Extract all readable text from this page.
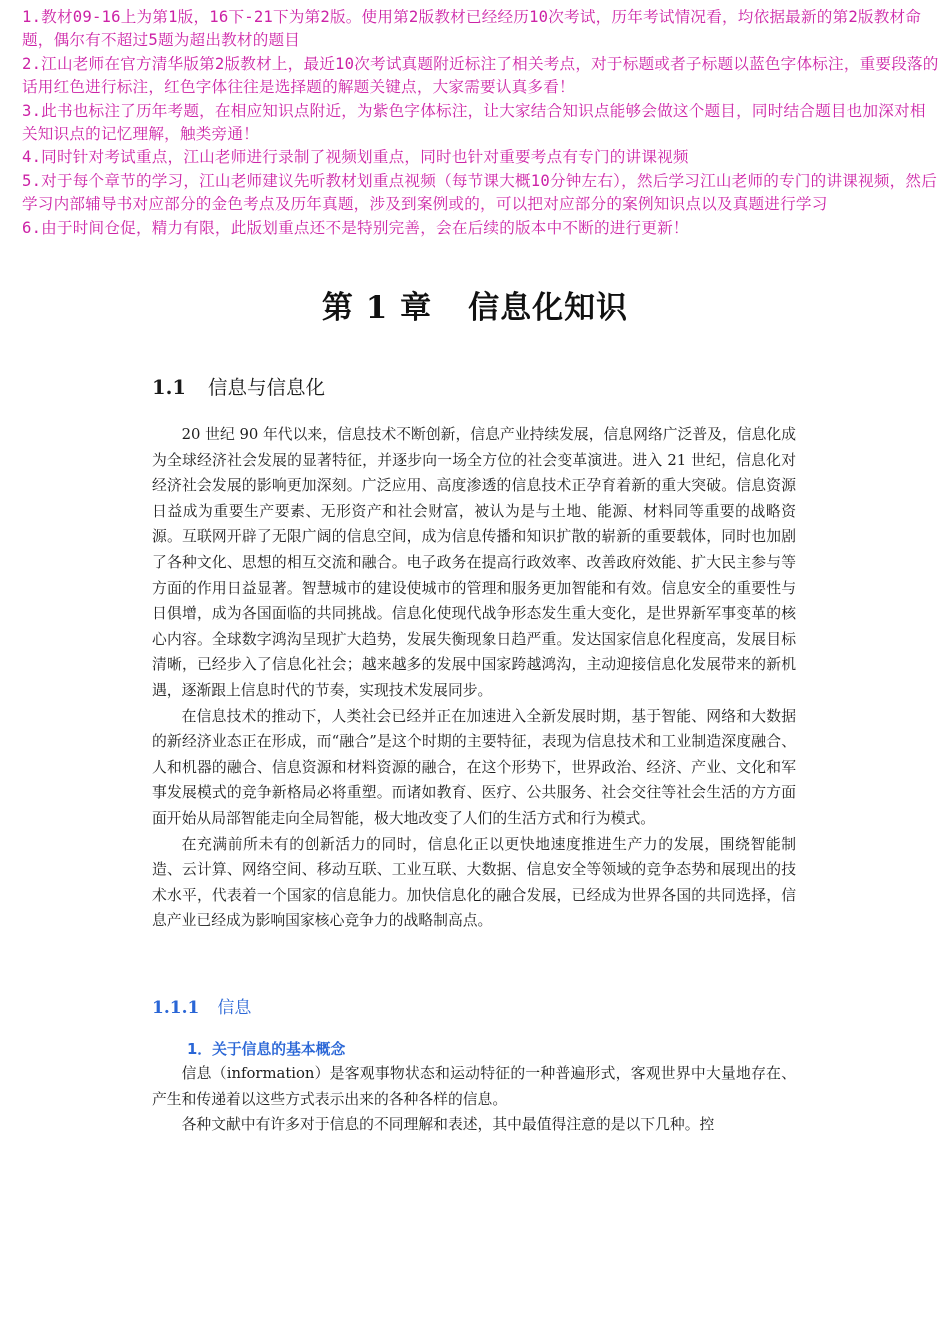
1.教材09-16上为第1版，16下-21下为第2版。使用第2版教材已经经历10次考试，历年考试情况看，均依据最新的第2版教材命题，偶尔有不超过5题为超出教材的题目

2.江山老师在官方清华版第2版教材上，最近10次考试真题附近标注了相关考点，对于标题或者子标题以蓝色字体标注，重要段落的话用红色进行标注，红色字体往往是选择题的解题关键点，大家需要认真多看！

3.此书也标注了历年考题，在相应知识点附近，为紫色字体标注，让大家结合知识点能够会做这个题目，同时结合题目也加深对相关知识点的记忆理解，触类旁通！

4.同时针对考试重点，江山老师进行录制了视频划重点，同时也针对重要考点有专门的讲课视频

5.对于每个章节的学习，江山老师建议先听教材划重点视频（每节课大概10分钟左右），然后学习江山老师的专门的讲课视频，然后学习内部辅导书对应部分的金色考点及历年真题，涉及到案例或的，可以把对应部分的案例知识点以及真题进行学习

6.由于时间仓促，精力有限，此版划重点还不是特别完善，会在后续的版本中不断的进行更新！

第 1 章 信息化知识
1.1 信息与信息化

20 世纪 90 年代以来，信息技术不断创新，信息产业持续发展，信息网络广泛普及，信息化成为全球经济社会发展的显著特征，并逐步向一场全方位的社会变革演进。进入 21 世纪，信息化对经济社会发展的影响更加深刻。广泛应用、高度渗透的信息技术正孕育着新的重大突破。信息资源日益成为重要生产要素、无形资产和社会财富，被认为是与土地、能源、材料同等重要的战略资源。互联网开辟了无限广阔的信息空间，成为信息传播和知识扩散的崭新的重要载体，同时也加剧了各种文化、思想的相互交流和融合。电子政务在提高行政效率、改善政府效能、扩大民主参与等方面的作用日益显著。智慧城市的建设使城市的管理和服务更加智能和有效。信息安全的重要性与日俱增，成为各国面临的共同挑战。信息化使现代战争形态发生重大变化，是世界新军事变革的核心内容。全球数字鸿沟呈现扩大趋势，发展失衡现象日趋严重。发达国家信息化程度高，发展目标清晰，已经步入了信息化社会；越来越多的发展中国家跨越鸿沟，主动迎接信息化发展带来的新机遇，逐渐跟上信息时代的节奏，实现技术发展同步。

在信息技术的推动下，人类社会已经并正在加速进入全新发展时期，基于智能、网络和大数据的新经济业态正在形成，而“融合”是这个时期的主要特征，表现为信息技术和工业制造深度融合、人和机器的融合、信息资源和材料资源的融合，在这个形势下，世界政治、经济、产业、文化和军事发展模式的竞争新格局必将重塑。而诸如教育、医疗、公共服务、社会交往等社会生活的方方面面开始从局部智能走向全局智能，极大地改变了人们的生活方式和行为模式。

在充满前所未有的创新活力的同时，信息化正以更快地速度推进生产力的发展，围绕智能制造、云计算、网络空间、移动互联、工业互联、大数据、信息安全等领域的竞争态势和展现出的技术水平，代表着一个国家的信息能力。加快信息化的融合发展，已经成为世界各国的共同选择，信息产业已经成为影响国家核心竞争力的战略制高点。

1.1.1 信息
1．关于信息的基本概念

信息（information）是客观事物状态和运动特征的一种普遍形式，客观世界中大量地存在、产生和传递着以这些方式表示出来的各种各样的信息。

各种文献中有许多对于信息的不同理解和表述，其中最值得注意的是以下几种。控
